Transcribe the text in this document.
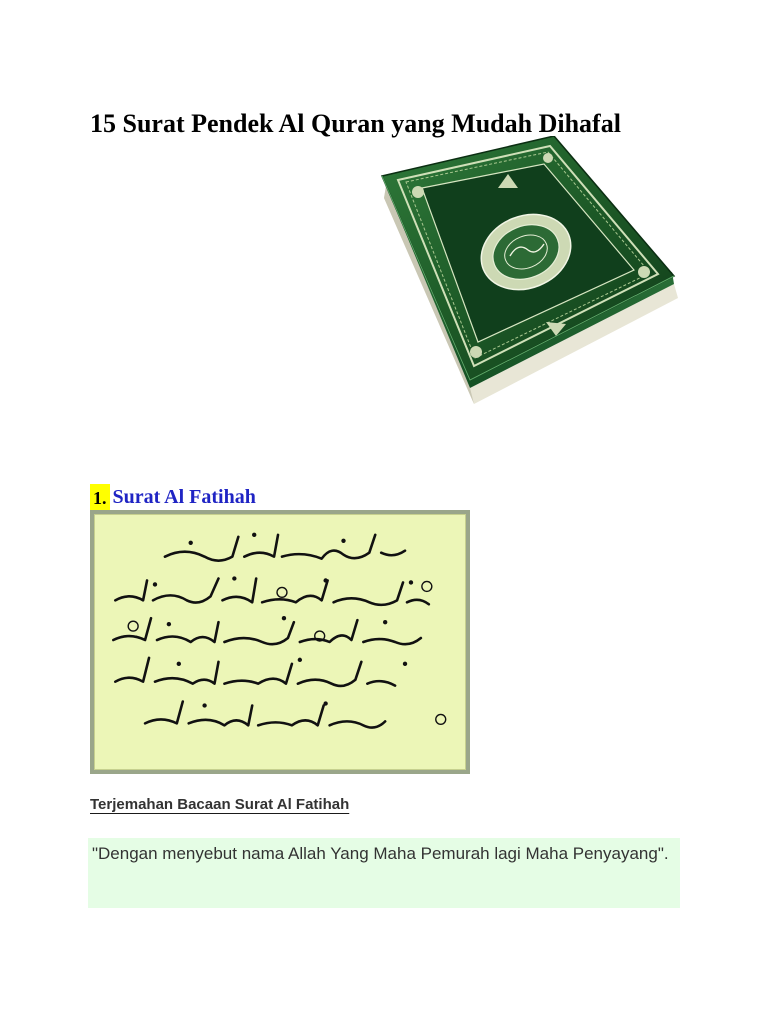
15 Surat Pendek Al Quran yang Mudah Dihafal
1. Surat Al Fatihah
Terjemahan Bacaan Surat Al Fatihah

"Dengan menyebut nama Allah Yang Maha Pemurah lagi Maha Penyayang".
